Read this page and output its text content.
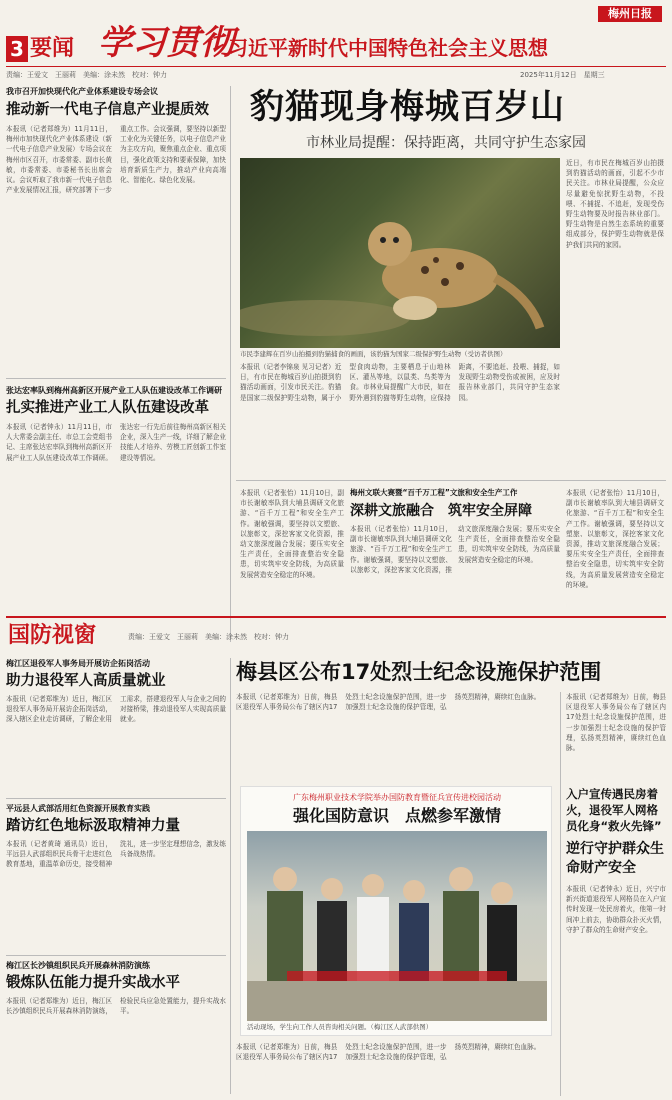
3 要闻 学习贯彻
习近平新时代中国特色社会主义思想
梅州日报
责编：王爱文　王丽莉　美编：涂未然　校对：钟力	2025年11月12日　星期三
我市召开加快现代化产业体系建设专场会议
推动新一代电子信息产业提质效
本报讯（记者郑维为）11月11日，梅州市加快现代化产业体系建设（新一代电子信息产业发展）专场会议在梅州市区召开，市委常委、副市长黄敏，市委常委、市委秘书长出席会议。会议听取了我市新一代电子信息产业发展情况汇报，研究部署下一步重点工作。会议强调，要坚持以新型工业化为关键任务，以电子信息产业为主攻方向，聚焦重点企业、重点项目，强化政策支持和要素保障，加快培育新质生产力，推动产业向高端化、智能化、绿色化发展。
张达宏率队到梅州高新区开展产业工人队伍建设改革工作调研
扎实推进产业工人队伍建设改革
本报讯（记者钟永）11月11日，市人大常委会副主任、市总工会党组书记、主席张达宏率队到梅州高新区开展产业工人队伍建设改革工作调研。张达宏一行先后前往梅州高新区相关企业，深入生产一线，详细了解企业技能人才培养、劳模工匠创新工作室建设等情况。
豹猫现身梅城百岁山
市林业局提醒：保持距离，共同守护生态家园
市民李建辉在百岁山拍摄到豹猫捕食的画面，该豹猫为国家二级保护野生动物（受访者供图）
近日，有市民在梅城百岁山拍摄到豹猫活动的画面，引起不少市民关注。市林业局提醒，公众应尽量避免惊扰野生动物，不投喂、不捕捉、不追赶，发现受伤野生动物要及时报告林业部门。野生动物是自然生态系统的重要组成部分，保护野生动物就是保护我们共同的家园。
本报讯（记者李锦泉 见习记者）近日，有市民在梅城百岁山拍摄到豹猫活动画面，引发市民关注。豹猫是国家二级保护野生动物，属于小型食肉动物，主要栖息于山地林区、灌丛等地，以鼠类、鸟类等为食。市林业局提醒广大市民，如在野外遇到豹猫等野生动物，应保持距离，不要追赶、投喂、捕捉，如发现野生动物受伤或被困，应及时报告林业部门，共同守护生态家园。
本报讯（记者张怡）11月10日，副市长谢敏率队到大埔县调研文化旅游、“百千万工程”和安全生产工作。谢敏强调，要坚持以文塑旅、以旅彰文，深挖客家文化资源，推动文旅深度融合发展；要压实安全生产责任，全面排查整治安全隐患，切实筑牢安全防线，为高质量发展营造安全稳定的环境。
梅州文联大赛暨“百千万工程”文旅和安全生产工作
深耕文旅融合　筑牢安全屏障
本报讯（记者张怡）11月10日，副市长谢敏率队到大埔县调研文化旅游、“百千万工程”和安全生产工作。谢敏强调，要坚持以文塑旅、以旅彰文，深挖客家文化资源，推动文旅深度融合发展；要压实安全生产责任，全面排查整治安全隐患，切实筑牢安全防线，为高质量发展营造安全稳定的环境。
本报讯（记者张怡）11月10日，副市长谢敏率队到大埔县调研文化旅游、“百千万工程”和安全生产工作。谢敏强调，要坚持以文塑旅、以旅彰文，深挖客家文化资源，推动文旅深度融合发展；要压实安全生产责任，全面排查整治安全隐患，切实筑牢安全防线，为高质量发展营造安全稳定的环境。
国防视窗	责编：王爱文　王丽莉　美编：涂未然　校对：钟力
梅江区退役军人事务局开展访企拓岗活动
助力退役军人高质量就业
本报讯（记者郑维为）近日，梅江区退役军人事务局开展访企拓岗活动，深入辖区企业走访调研，了解企业用工需求，搭建退役军人与企业之间的对接桥梁，推动退役军人实现高质量就业。
平远县人武部活用红色资源开展教育实践
踏访红色地标汲取精神力量
本报讯（记者黄琦 通讯员）近日，平远县人武部组织民兵骨干走进红色教育基地，重温革命历史，接受精神洗礼，进一步坚定理想信念，激发练兵备战热情。
梅江区长沙镇组织民兵开展森林消防演练
锻炼队伍能力提升实战水平
本报讯（记者郑维为）近日，梅江区长沙镇组织民兵开展森林消防演练，检验民兵应急处置能力，提升实战水平。
梅县区公布17处烈士纪念设施保护范围
本报讯（记者郑维为）日前，梅县区退役军人事务局公布了辖区内17处烈士纪念设施保护范围，进一步加强烈士纪念设施的保护管理，弘扬英烈精神，赓续红色血脉。
广东梅州职业技术学院举办国防教育暨征兵宣传进校园活动
强化国防意识　点燃参军激情
活动现场，学生向工作人员咨询相关问题。（梅江区人武部供图）
本报讯（记者郑维为）日前，梅县区退役军人事务局公布了辖区内17处烈士纪念设施保护范围，进一步加强烈士纪念设施的保护管理，弘扬英烈精神，赓续红色血脉。
本报讯（记者郑维为）日前，梅县区退役军人事务局公布了辖区内17处烈士纪念设施保护范围，进一步加强烈士纪念设施的保护管理，弘扬英烈精神，赓续红色血脉。
入户宣传遇民房着火，退役军人网格员化身“救火先锋”
逆行守护群众生命财产安全
本报讯（记者钟永）近日，兴宁市新兴街道退役军人网格员在入户宣传时发现一处民房着火，他第一时间冲上前去，协助群众扑灭火情，守护了群众的生命财产安全。
